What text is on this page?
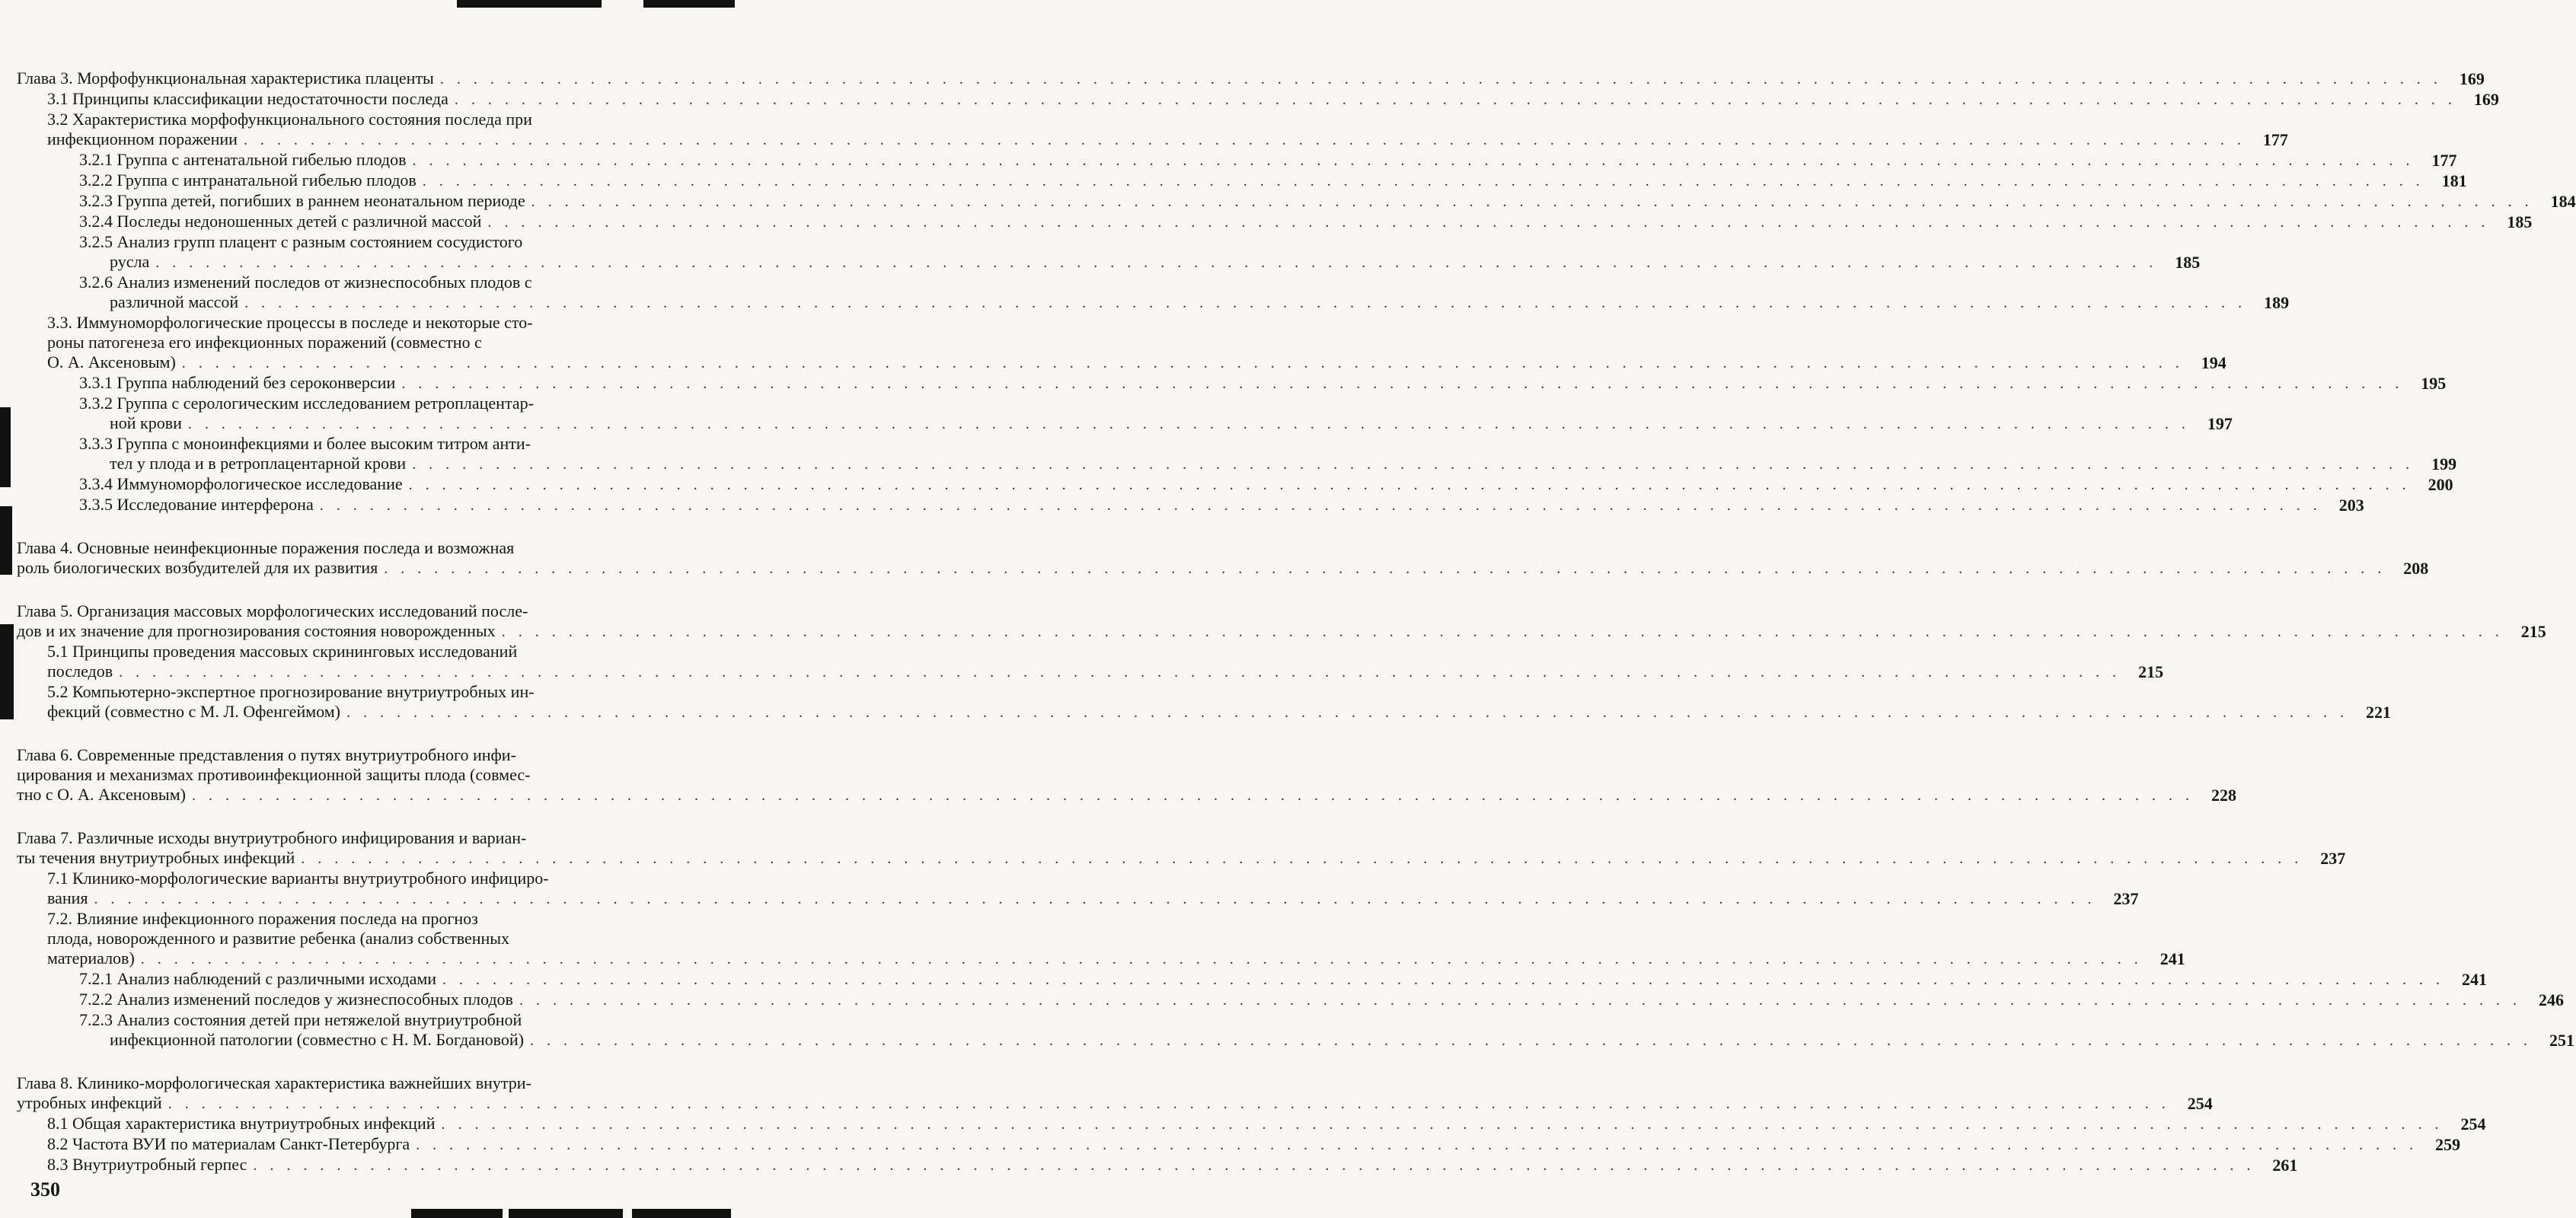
Глава 3. Морфофункциональная характеристика плаценты . . . . . . . . . . . . . . . . . . . . . . . . . . . . . . . . . . . . . . . . . . . . . . . . . . . . . . . . . . . . . . . . . . . . . . . . . . . . . . . . . . . . . . . . . . . . . . . . . . . . . . . . . . . . . . . . . . . . . . . .	169
3.1 Принципы классификации недостаточности последа . . . . . . . . . . . . . . . . . . . . . . . . . . . . . . . . . . . . . . . . . . . . . . . . . . . . . . . . . . . . . . . . . . . . . . . . . . . . . . . . . . . . . . . . . . . . . . . . . . . . . . . . . . . . . . . . . . . . . . . .	169
3.2 Характеристика морфофункционального состояния последа при
инфекционном поражении . . . . . . . . . . . . . . . . . . . . . . . . . . . . . . . . . . . . . . . . . . . . . . . . . . . . . . . . . . . . . . . . . . . . . . . . . . . . . . . . . . . . . . . . . . . . . . . . . . . . . . . . . . . . . . . . . . . . . . . .	177
3.2.1 Группа с антенатальной гибелью плодов . . . . . . . . . . . . . . . . . . . . . . . . . . . . . . . . . . . . . . . . . . . . . . . . . . . . . . . . . . . . . . . . . . . . . . . . . . . . . . . . . . . . . . . . . . . . . . . . . . . . . . . . . . . . . . . . . . . . . . . .	177
3.2.2 Группа с интранатальной гибелью плодов . . . . . . . . . . . . . . . . . . . . . . . . . . . . . . . . . . . . . . . . . . . . . . . . . . . . . . . . . . . . . . . . . . . . . . . . . . . . . . . . . . . . . . . . . . . . . . . . . . . . . . . . . . . . . . . . . . . . . . . .	181
3.2.3 Группа детей, погибших в раннем неонатальном периоде . . . . . . . . . . . . . . . . . . . . . . . . . . . . . . . . . . . . . . . . . . . . . . . . . . . . . . . . . . . . . . . . . . . . . . . . . . . . . . . . . . . . . . . . . . . . . . . . . . . . . . . . . . . . . . . . . . . . . . . .	184
3.2.4 Последы недоношенных детей с различной массой . . . . . . . . . . . . . . . . . . . . . . . . . . . . . . . . . . . . . . . . . . . . . . . . . . . . . . . . . . . . . . . . . . . . . . . . . . . . . . . . . . . . . . . . . . . . . . . . . . . . . . . . . . . . . . . . . . . . . . . .	185
3.2.5 Анализ групп плацент с разным состоянием сосудистого
русла . . . . . . . . . . . . . . . . . . . . . . . . . . . . . . . . . . . . . . . . . . . . . . . . . . . . . . . . . . . . . . . . . . . . . . . . . . . . . . . . . . . . . . . . . . . . . . . . . . . . . . . . . . . . . . . . . . . . . . . .	185
3.2.6 Анализ изменений последов от жизнеспособных плодов с
различной массой . . . . . . . . . . . . . . . . . . . . . . . . . . . . . . . . . . . . . . . . . . . . . . . . . . . . . . . . . . . . . . . . . . . . . . . . . . . . . . . . . . . . . . . . . . . . . . . . . . . . . . . . . . . . . . . . . . . . . . . .	189
3.3. Иммуноморфологические процессы в последе и некоторые сто-
роны патогенеза его инфекционных поражений (совместно с
О. А. Аксеновым) . . . . . . . . . . . . . . . . . . . . . . . . . . . . . . . . . . . . . . . . . . . . . . . . . . . . . . . . . . . . . . . . . . . . . . . . . . . . . . . . . . . . . . . . . . . . . . . . . . . . . . . . . . . . . . . . . . . . . . . .	194
3.3.1 Группа наблюдений без сероконверсии . . . . . . . . . . . . . . . . . . . . . . . . . . . . . . . . . . . . . . . . . . . . . . . . . . . . . . . . . . . . . . . . . . . . . . . . . . . . . . . . . . . . . . . . . . . . . . . . . . . . . . . . . . . . . . . . . . . . . . . .	195
3.3.2 Группа с серологическим исследованием ретроплацентар-
ной крови . . . . . . . . . . . . . . . . . . . . . . . . . . . . . . . . . . . . . . . . . . . . . . . . . . . . . . . . . . . . . . . . . . . . . . . . . . . . . . . . . . . . . . . . . . . . . . . . . . . . . . . . . . . . . . . . . . . . . . . .	197
3.3.3 Группа с моноинфекциями и более высоким титром анти-
тел у плода и в ретроплацентарной крови . . . . . . . . . . . . . . . . . . . . . . . . . . . . . . . . . . . . . . . . . . . . . . . . . . . . . . . . . . . . . . . . . . . . . . . . . . . . . . . . . . . . . . . . . . . . . . . . . . . . . . . . . . . . . . . . . . . . . . . .	199
3.3.4 Иммуноморфологическое исследование . . . . . . . . . . . . . . . . . . . . . . . . . . . . . . . . . . . . . . . . . . . . . . . . . . . . . . . . . . . . . . . . . . . . . . . . . . . . . . . . . . . . . . . . . . . . . . . . . . . . . . . . . . . . . . . . . . . . . . . .	200
3.3.5 Исследование интерферона . . . . . . . . . . . . . . . . . . . . . . . . . . . . . . . . . . . . . . . . . . . . . . . . . . . . . . . . . . . . . . . . . . . . . . . . . . . . . . . . . . . . . . . . . . . . . . . . . . . . . . . . . . . . . . . . . . . . . . . .	203
Глава 4. Основные неинфекционные поражения последа и возможная
роль биологических возбудителей для их развития . . . . . . . . . . . . . . . . . . . . . . . . . . . . . . . . . . . . . . . . . . . . . . . . . . . . . . . . . . . . . . . . . . . . . . . . . . . . . . . . . . . . . . . . . . . . . . . . . . . . . . . . . . . . . . . . . . . . . . . .	208
Глава 5. Организация массовых морфологических исследований после-
дов и их значение для прогнозирования состояния новорожденных . . . . . . . . . . . . . . . . . . . . . . . . . . . . . . . . . . . . . . . . . . . . . . . . . . . . . . . . . . . . . . . . . . . . . . . . . . . . . . . . . . . . . . . . . . . . . . . . . . . . . . . . . . . . . . . . . . . . . . . .	215
5.1 Принципы проведения массовых скрининговых исследований
последов . . . . . . . . . . . . . . . . . . . . . . . . . . . . . . . . . . . . . . . . . . . . . . . . . . . . . . . . . . . . . . . . . . . . . . . . . . . . . . . . . . . . . . . . . . . . . . . . . . . . . . . . . . . . . . . . . . . . . . . .	215
5.2 Компьютерно-экспертное прогнозирование внутриутробных ин-
фекций (совместно с М. Л. Офенгеймом) . . . . . . . . . . . . . . . . . . . . . . . . . . . . . . . . . . . . . . . . . . . . . . . . . . . . . . . . . . . . . . . . . . . . . . . . . . . . . . . . . . . . . . . . . . . . . . . . . . . . . . . . . . . . . . . . . . . . . . . .	221
Глава 6. Современные представления о путях внутриутробного инфи-
цирования и механизмах противоинфекционной защиты плода (совмес-
тно с О. А. Аксеновым) . . . . . . . . . . . . . . . . . . . . . . . . . . . . . . . . . . . . . . . . . . . . . . . . . . . . . . . . . . . . . . . . . . . . . . . . . . . . . . . . . . . . . . . . . . . . . . . . . . . . . . . . . . . . . . . . . . . . . . . .	228
Глава 7. Различные исходы внутриутробного инфицирования и вариан-
ты течения внутриутробных инфекций . . . . . . . . . . . . . . . . . . . . . . . . . . . . . . . . . . . . . . . . . . . . . . . . . . . . . . . . . . . . . . . . . . . . . . . . . . . . . . . . . . . . . . . . . . . . . . . . . . . . . . . . . . . . . . . . . . . . . . . .	237
7.1 Клинико-морфологические варианты внутриутробного инфициро-
вания . . . . . . . . . . . . . . . . . . . . . . . . . . . . . . . . . . . . . . . . . . . . . . . . . . . . . . . . . . . . . . . . . . . . . . . . . . . . . . . . . . . . . . . . . . . . . . . . . . . . . . . . . . . . . . . . . . . . . . . .	237
7.2. Влияние инфекционного поражения последа на прогноз
плода, новорожденного и развитие ребенка (анализ собственных
материалов) . . . . . . . . . . . . . . . . . . . . . . . . . . . . . . . . . . . . . . . . . . . . . . . . . . . . . . . . . . . . . . . . . . . . . . . . . . . . . . . . . . . . . . . . . . . . . . . . . . . . . . . . . . . . . . . . . . . . . . . .	241
7.2.1 Анализ наблюдений с различными исходами . . . . . . . . . . . . . . . . . . . . . . . . . . . . . . . . . . . . . . . . . . . . . . . . . . . . . . . . . . . . . . . . . . . . . . . . . . . . . . . . . . . . . . . . . . . . . . . . . . . . . . . . . . . . . . . . . . . . . . . .	241
7.2.2 Анализ изменений последов у жизнеспособных плодов . . . . . . . . . . . . . . . . . . . . . . . . . . . . . . . . . . . . . . . . . . . . . . . . . . . . . . . . . . . . . . . . . . . . . . . . . . . . . . . . . . . . . . . . . . . . . . . . . . . . . . . . . . . . . . . . . . . . . . . .	246
7.2.3 Анализ состояния детей при нетяжелой внутриутробной
инфекционной патологии (совместно с Н. М. Богдановой) . . . . . . . . . . . . . . . . . . . . . . . . . . . . . . . . . . . . . . . . . . . . . . . . . . . . . . . . . . . . . . . . . . . . . . . . . . . . . . . . . . . . . . . . . . . . . . . . . . . . . . . . . . . . . . . . . . . . . . . .	251
Глава 8. Клинико-морфологическая характеристика важнейших внутри-
утробных инфекций . . . . . . . . . . . . . . . . . . . . . . . . . . . . . . . . . . . . . . . . . . . . . . . . . . . . . . . . . . . . . . . . . . . . . . . . . . . . . . . . . . . . . . . . . . . . . . . . . . . . . . . . . . . . . . . . . . . . . . . .	254
8.1 Общая характеристика внутриутробных инфекций . . . . . . . . . . . . . . . . . . . . . . . . . . . . . . . . . . . . . . . . . . . . . . . . . . . . . . . . . . . . . . . . . . . . . . . . . . . . . . . . . . . . . . . . . . . . . . . . . . . . . . . . . . . . . . . . . . . . . . . .	254
8.2 Частота ВУИ по материалам Санкт-Петербурга . . . . . . . . . . . . . . . . . . . . . . . . . . . . . . . . . . . . . . . . . . . . . . . . . . . . . . . . . . . . . . . . . . . . . . . . . . . . . . . . . . . . . . . . . . . . . . . . . . . . . . . . . . . . . . . . . . . . . . . .	259
8.3 Внутриутробный герпес . . . . . . . . . . . . . . . . . . . . . . . . . . . . . . . . . . . . . . . . . . . . . . . . . . . . . . . . . . . . . . . . . . . . . . . . . . . . . . . . . . . . . . . . . . . . . . . . . . . . . . . . . . . . . . . . . . . . . . . .	261
350
